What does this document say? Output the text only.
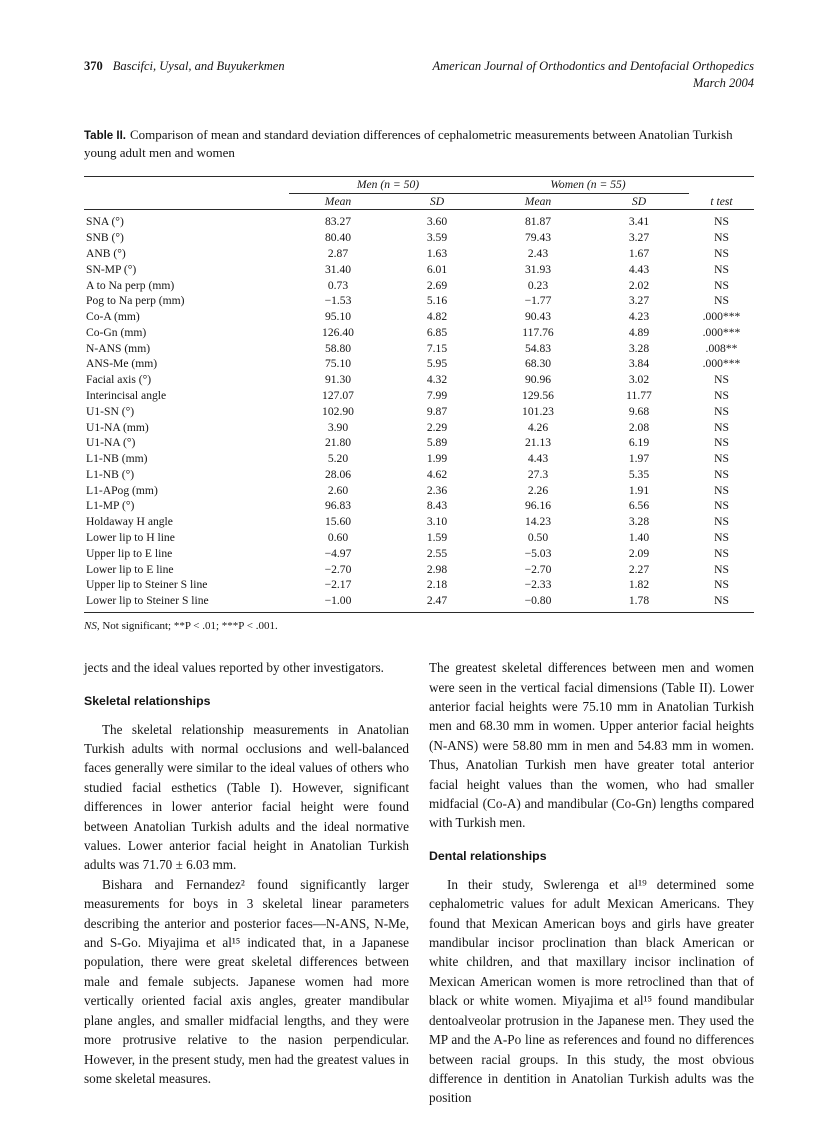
370 Bascifci, Uysal, and Buyukerkmen	American Journal of Orthodontics and Dentofacial Orthopedics
March 2004
Table II. Comparison of mean and standard deviation differences of cephalometric measurements between Anatolian Turkish young adult men and women
	Men (n = 50)		Women (n = 55)		
	Mean	SD	Mean	SD	t test
SNA (°)	83.27	3.60	81.87	3.41	NS
SNB (°)	80.40	3.59	79.43	3.27	NS
ANB (°)	2.87	1.63	2.43	1.67	NS
SN-MP (°)	31.40	6.01	31.93	4.43	NS
A to Na perp (mm)	0.73	2.69	0.23	2.02	NS
Pog to Na perp (mm)	−1.53	5.16	−1.77	3.27	NS
Co-A (mm)	95.10	4.82	90.43	4.23	.000***
Co-Gn (mm)	126.40	6.85	117.76	4.89	.000***
N-ANS (mm)	58.80	7.15	54.83	3.28	.008**
ANS-Me (mm)	75.10	5.95	68.30	3.84	.000***
Facial axis (°)	91.30	4.32	90.96	3.02	NS
Interincisal angle	127.07	7.99	129.56	11.77	NS
U1-SN (°)	102.90	9.87	101.23	9.68	NS
U1-NA (mm)	3.90	2.29	4.26	2.08	NS
U1-NA (°)	21.80	5.89	21.13	6.19	NS
L1-NB (mm)	5.20	1.99	4.43	1.97	NS
L1-NB (°)	28.06	4.62	27.3	5.35	NS
L1-APog (mm)	2.60	2.36	2.26	1.91	NS
L1-MP (°)	96.83	8.43	96.16	6.56	NS
Holdaway H angle	15.60	3.10	14.23	3.28	NS
Lower lip to H line	0.60	1.59	0.50	1.40	NS
Upper lip to E line	−4.97	2.55	−5.03	2.09	NS
Lower lip to E line	−2.70	2.98	−2.70	2.27	NS
Upper lip to Steiner S line	−2.17	2.18	−2.33	1.82	NS
Lower lip to Steiner S line	−1.00	2.47	−0.80	1.78	NS
NS, Not significant; **P < .01; ***P < .001.

jects and the ideal values reported by other investigators.

Skeletal relationships

The skeletal relationship measurements in Anatolian Turkish adults with normal occlusions and well-balanced faces generally were similar to the ideal values of others who studied facial esthetics (Table I). However, significant differences in lower anterior facial height were found between Anatolian Turkish adults and the ideal normative values. Lower anterior facial height in Anatolian Turkish adults was 71.70 ± 6.03 mm.

Bishara and Fernandez² found significantly larger measurements for boys in 3 skeletal linear parameters describing the anterior and posterior faces—N-ANS, N-Me, and S-Go. Miyajima et al¹⁵ indicated that, in a Japanese population, there were great skeletal differences between male and female subjects. Japanese women had more vertically oriented facial axis angles, greater mandibular plane angles, and smaller midfacial lengths, and they were more protrusive relative to the nasion perpendicular. However, in the present study, men had the greatest values in some skeletal measures.

The greatest skeletal differences between men and women were seen in the vertical facial dimensions (Table II). Lower anterior facial heights were 75.10 mm in Anatolian Turkish men and 68.30 mm in women. Upper anterior facial heights (N-ANS) were 58.80 mm in men and 54.83 mm in women. Thus, Anatolian Turkish men have greater total anterior facial height values than the women, who had smaller midfacial (Co-A) and mandibular (Co-Gn) lengths compared with Turkish men.

Dental relationships

In their study, Swlerenga et al¹⁹ determined some cephalometric values for adult Mexican Americans. They found that Mexican American boys and girls have greater mandibular incisor proclination than black American or white children, and that maxillary incisor inclination of Mexican American women is more retroclined than that of black or white women. Miyajima et al¹⁵ found mandibular dentoalveolar protrusion in the Japanese men. They used the MP and the A-Po line as references and found no differences between racial groups. In this study, the most obvious difference in dentition in Anatolian Turkish adults was the position
